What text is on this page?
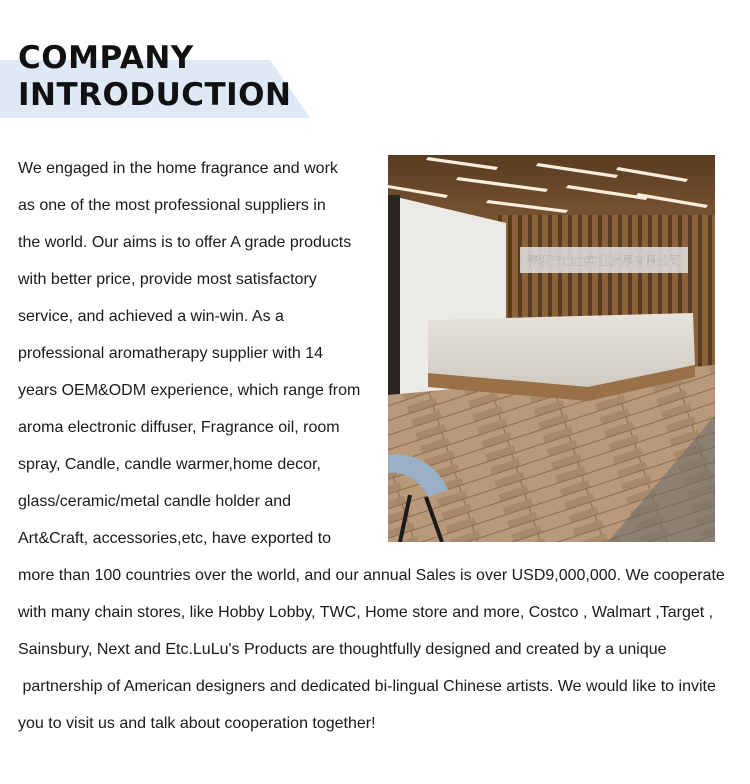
COMPANY
INTRODUCTION
We engaged in the home fragrance and work
as one of the most professional suppliers in
the world. Our aims is to offer A grade products
with better price, provide most satisfactory
service, and achieved a win-win. As a
professional aromatherapy supplier with 14
years OEM&ODM experience, which range from
aroma electronic diffuser, Fragrance oil, room
spray, Candle, candle warmer,home decor,
glass/ceramic/metal candle holder and
Art&Craft, accessories,etc, have exported to
more than 100 countries over the world, and our annual Sales is over USD9,000,000. We cooperate
with many chain stores, like Hobby Lobby, TWC, Home store and more, Costco , Walmart ,Target ,
Sainsbury, Next and Etc.LuLu's Products are thoughtfully designed and created by a unique
partnership of American designers and dedicated bi-lingual Chinese artists. We would like to invite
you to visit us and talk about cooperation together!
深圳市□□实业发展有限公司
